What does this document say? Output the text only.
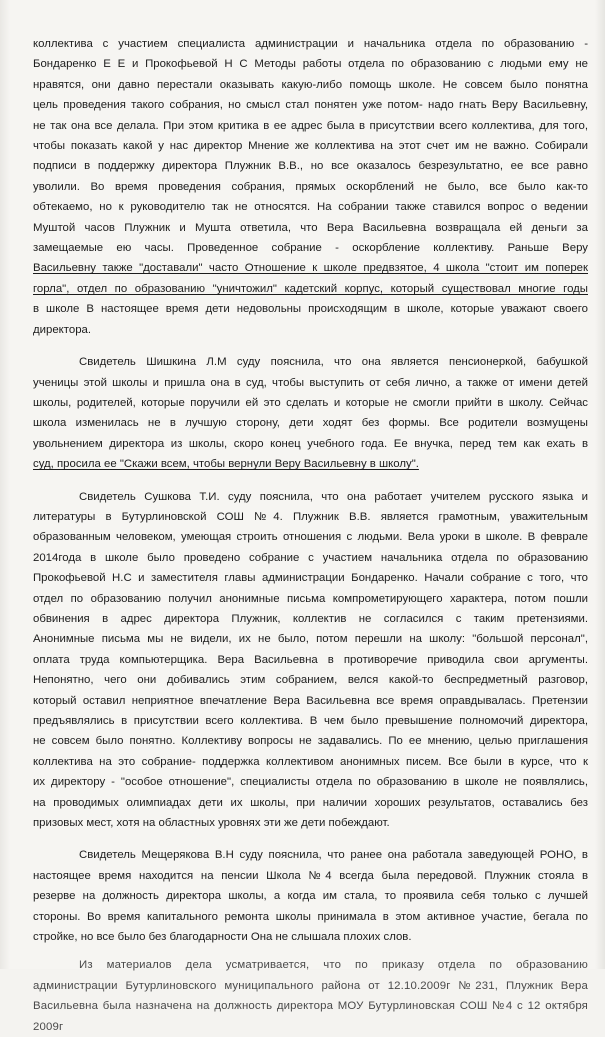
коллектива с участием специалиста администрации и начальника отдела по образованию -

Бондаренко Е Е и Прокофьевой Н С Методы работы отдела по образованию с людьми ему не

нравятся, они давно перестали оказывать какую-либо помощь школе. Не совсем было понятна

цель проведения такого собрания, но смысл стал понятен уже потом- надо гнать Веру Васильевну,

не так она все делала. При этом критика в ее адрес была в присутствии всего коллектива, для того,

чтобы показать какой у нас директор Мнение же коллектива на этот счет им не важно. Собирали

подписи в поддержку директора Плужник В.В., но все оказалось безрезультатно, ее все равно

уволили. Во время проведения собрания, прямых оскорблений не было, все было как-то

обтекаемо, но к руководителю так не относятся. На собрании также ставился вопрос о ведении

Муштой часов Плужник и Мушта ответила, что Вера Васильевна возвращала ей деньги за

замещаемые ею часы. Проведенное собрание - оскорбление коллективу. Раньше Веру

Васильевну также "доставали" часто Отношение к школе предвзятое, 4 школа "стоит им поперек

горла", отдел по образованию "уничтожил" кадетский корпус, который существовал многие годы

в школе В настоящее время дети недовольны происходящим в школе, которые уважают своего

директора.

Свидетель Шишкина Л.М суду пояснила, что она является пенсионеркой, бабушкой

ученицы этой школы и пришла она в суд, чтобы выступить от себя лично, а также от имени детей

школы, родителей, которые поручили ей это сделать и которые не смогли прийти в школу. Сейчас

школа изменилась не в лучшую сторону, дети ходят без формы. Все родители возмущены

увольнением директора из школы, скоро конец учебного года. Ее внучка, перед тем как ехать в

суд, просила ее "Скажи всем, чтобы вернули Веру Васильевну в школу".

Свидетель Сушкова Т.И. суду пояснила, что она работает учителем русского языка и

литературы в Бутурлиновской СОШ №4. Плужник В.В. является грамотным, уважительным

образованным человеком, умеющая строить отношения с людьми. Вела уроки в школе. В феврале

2014года в школе было проведено собрание с участием начальника отдела по образованию

Прокофьевой Н.С и заместителя главы администрации Бондаренко. Начали собрание с того, что

отдел по образованию получил анонимные письма компрометирующего характера, потом пошли

обвинения в адрес директора Плужник, коллектив не согласился с таким претензиями.

Анонимные письма мы не видели, их не было, потом перешли на школу: "большой персонал",

оплата труда компьютерщика. Вера Васильевна в противоречие приводила свои аргументы.

Непонятно, чего они добивались этим собранием, велся какой-то беспредметный разговор,

который оставил неприятное впечатление Вера Васильевна все время оправдывалась. Претензии

предъявлялись в присутствии всего коллектива. В чем было превышение полномочий директора,

не совсем было понятно. Коллективу вопросы не задавались. По ее мнению, целью приглашения

коллектива на это собрание- поддержка коллективом анонимных писем. Все были в курсе, что к

их директору - "особое отношение", специалисты отдела по образованию в школе не появлялись,

на проводимых олимпиадах дети их школы, при наличии хороших результатов, оставались без

призовых мест, хотя на областных уровнях эти же дети побеждают.

Свидетель Мещерякова В.Н суду пояснила, что ранее она работала заведующей РОНО, в

настоящее время находится на пенсии Школа №4 всегда была передовой. Плужник стояла в

резерве на должность директора школы, а когда им стала, то проявила себя только с лучшей

стороны. Во время капитального ремонта школы принимала в этом активное участие, бегала по

стройке, но все было без благодарности Она не слышала плохих слов.

Из материалов дела усматривается, что по приказу отдела по образованию

администрации Бутурлиновского муниципального района от 12.10.2009г №231, Плужник Вера

Васильевна была назначена на должность директора МОУ Бутурлиновская СОШ №4 с 12 октября

2009г
